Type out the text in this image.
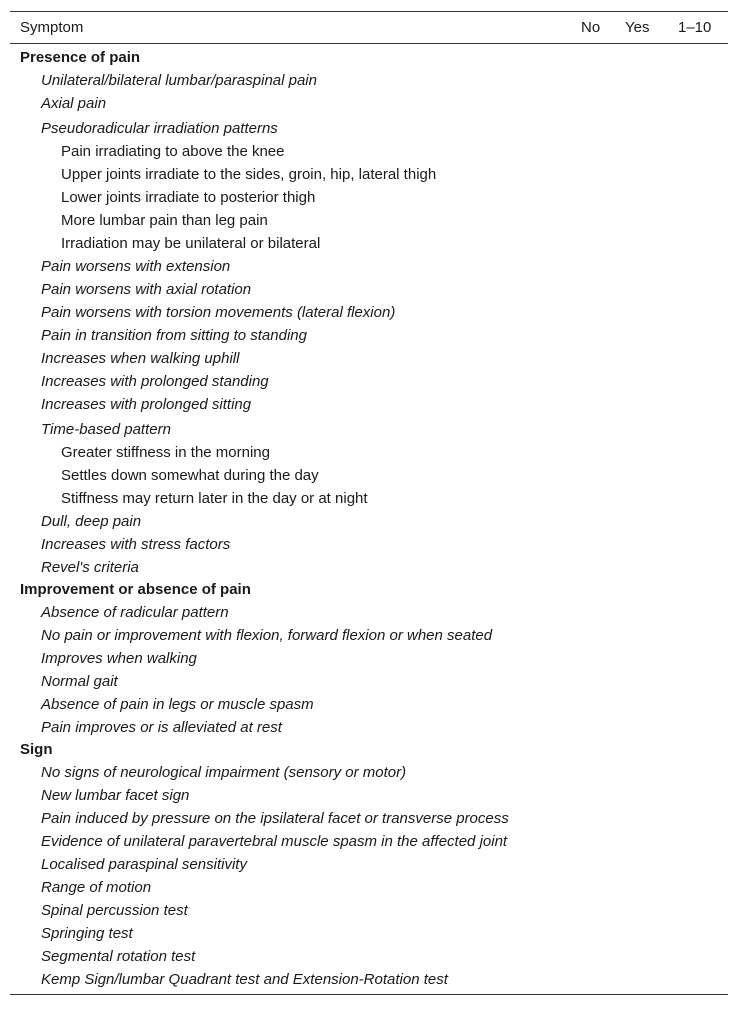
Symptom	No Yes 1–10
Presence of pain
Unilateral/bilateral lumbar/paraspinal pain
Axial pain
Pseudoradicular irradiation patterns
Pain irradiating to above the knee
Upper joints irradiate to the sides, groin, hip, lateral thigh
Lower joints irradiate to posterior thigh
More lumbar pain than leg pain
Irradiation may be unilateral or bilateral
Pain worsens with extension
Pain worsens with axial rotation
Pain worsens with torsion movements (lateral flexion)
Pain in transition from sitting to standing
Increases when walking uphill
Increases with prolonged standing
Increases with prolonged sitting
Time-based pattern
Greater stiffness in the morning
Settles down somewhat during the day
Stiffness may return later in the day or at night
Dull, deep pain
Increases with stress factors
Revel's criteria
Improvement or absence of pain
Absence of radicular pattern
No pain or improvement with flexion, forward flexion or when seated
Improves when walking
Normal gait
Absence of pain in legs or muscle spasm
Pain improves or is alleviated at rest
Sign
No signs of neurological impairment (sensory or motor)
New lumbar facet sign
Pain induced by pressure on the ipsilateral facet or transverse process
Evidence of unilateral paravertebral muscle spasm in the affected joint
Localised paraspinal sensitivity
Range of motion
Spinal percussion test
Springing test
Segmental rotation test
Kemp Sign/lumbar Quadrant test and Extension-Rotation test
